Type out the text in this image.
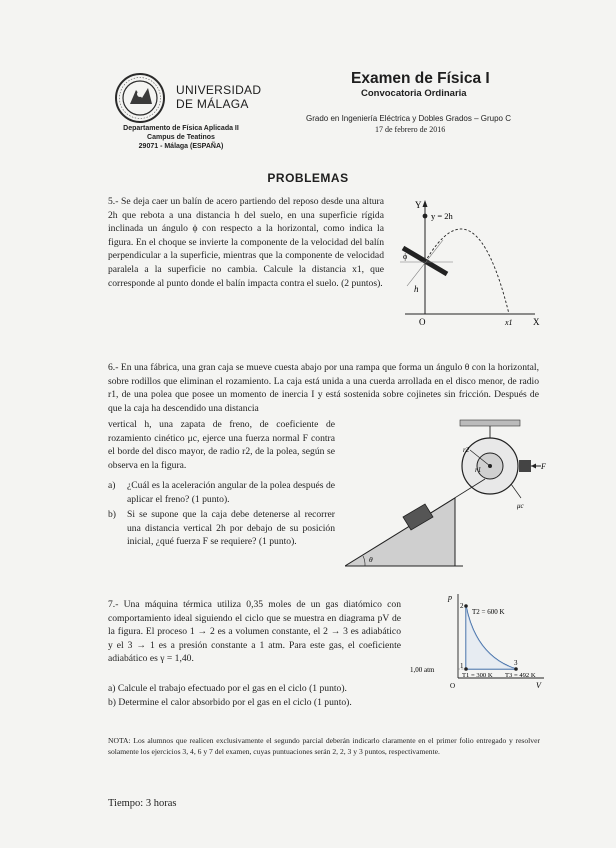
UNIVERSIDAD
DE MÁLAGA
Departamento de Física Aplicada II
Campus de Teatinos
29071 - Málaga (ESPAÑA)
Examen de Física I
Convocatoria Ordinaria
Grado en Ingeniería Eléctrica y Dobles Grados – Grupo C
17 de febrero de 2016
PROBLEMAS
5.- Se deja caer un balín de acero partiendo del reposo desde una altura 2h que rebota a una distancia h del suelo, en una superficie rígida inclinada un ángulo ϕ con respecto a la horizontal, como indica la figura. En el choque se invierte la componente de la velocidad del balín perpendicular a la superficie, mientras que la componente de velocidad paralela a la superficie no cambia. Calcule la distancia x1, que corresponde al punto donde el balín impacta contra el suelo. (2 puntos).
Y
y = 2h
ϕ
h
O	x1 X
6.- En una fábrica, una gran caja se mueve cuesta abajo por una rampa que forma un ángulo θ con la horizontal, sobre rodillos que eliminan el rozamiento. La caja está unida a una cuerda arrollada en el disco menor, de radio r1, de una polea que posee un momento de inercia I y está sostenida sobre cojinetes sin fricción. Después de que la caja ha descendido una distancia
vertical h, una zapata de freno, de coeficiente de rozamiento cinético μc, ejerce una fuerza normal F contra el borde del disco mayor, de radio r2, de la polea, según se observa en la figura.
a) ¿Cuál es la aceleración angular de la polea después de aplicar el freno? (1 punto).
b) Si se supone que la caja debe detenerse al recorrer una distancia vertical 2h por debajo de su posición inicial, ¿qué fuerza F se requiere? (1 punto).
r2
r1	F
μc
θ
7.- Una máquina térmica utiliza 0,35 moles de un gas diatómico con comportamiento ideal siguiendo el ciclo que se muestra en diagrama pV de la figura. El proceso 1 → 2 es a volumen constante, el 2 → 3 es adiabático y el 3 → 1 es a presión constante a 1 atm. Para este gas, el coeficiente adiabático es γ = 1,40.
a) Calcule el trabajo efectuado por el gas en el ciclo (1 punto).
b) Determine el calor absorbido por el gas en el ciclo (1 punto).
p
V
O
1,00 atm
2
1	3
T2 = 600 K
T1 = 300 K T3 = 492 K
NOTA: Los alumnos que realicen exclusivamente el segundo parcial deberán indicarlo claramente en el primer folio entregado y resolver solamente los ejercicios 3, 4, 6 y 7 del examen, cuyas puntuaciones serán 2, 2, 3 y 3 puntos, respectivamente.
Tiempo: 3 horas
